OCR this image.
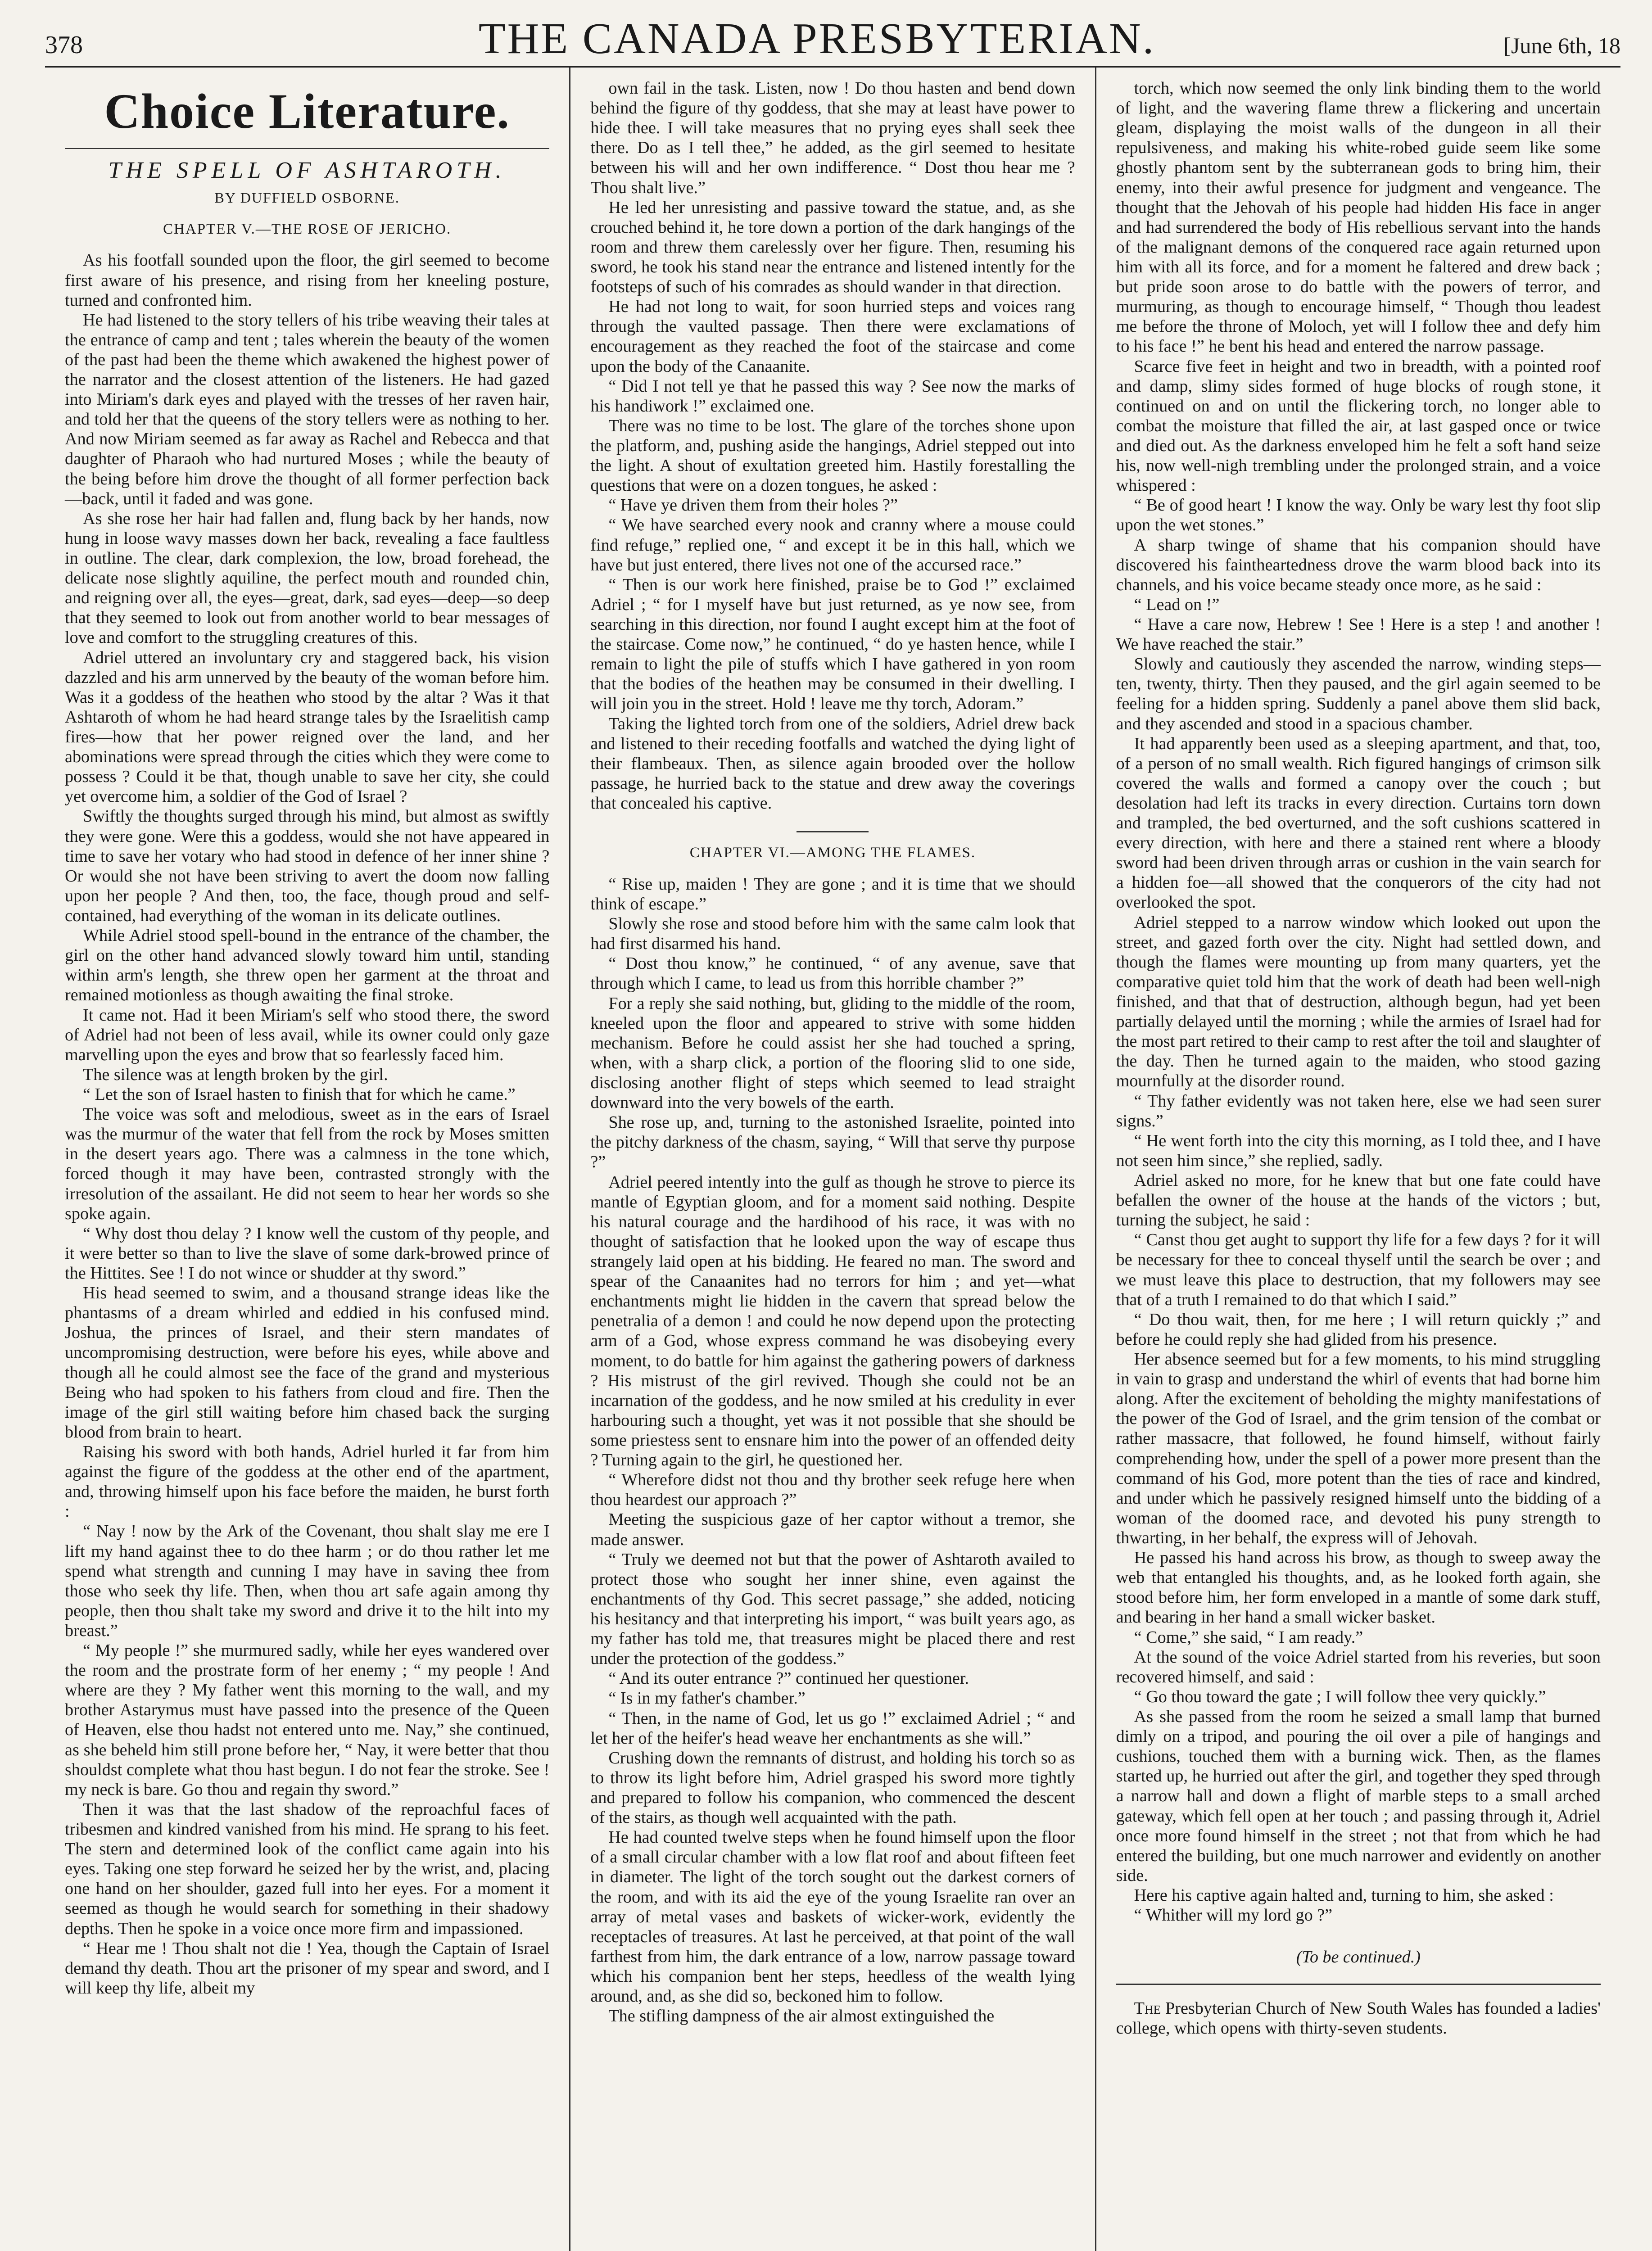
378	THE CANADA PRESBYTERIAN.	[June 6th, 18
Choice Literature.
THE SPELL OF ASHTAROTH.
BY DUFFIELD OSBORNE.
CHAPTER V.—THE ROSE OF JERICHO.

As his footfall sounded upon the floor, the girl seemed to become first aware of his presence, and rising from her kneeling posture, turned and confronted him.

He had listened to the story tellers of his tribe weaving their tales at the entrance of camp and tent ; tales wherein the beauty of the women of the past had been the theme which awakened the highest power of the narrator and the closest attention of the listeners. He had gazed into Miriam's dark eyes and played with the tresses of her raven hair, and told her that the queens of the story tellers were as nothing to her. And now Miriam seemed as far away as Rachel and Rebecca and that daughter of Pharaoh who had nurtured Moses ; while the beauty of the being before him drove the thought of all former perfection back—back, until it faded and was gone.

As she rose her hair had fallen and, flung back by her hands, now hung in loose wavy masses down her back, revealing a face faultless in outline. The clear, dark complexion, the low, broad forehead, the delicate nose slightly aquiline, the perfect mouth and rounded chin, and reigning over all, the eyes—great, dark, sad eyes—deep—so deep that they seemed to look out from another world to bear messages of love and comfort to the struggling creatures of this.

Adriel uttered an involuntary cry and staggered back, his vision dazzled and his arm unnerved by the beauty of the woman before him. Was it a goddess of the heathen who stood by the altar ? Was it that Ashtaroth of whom he had heard strange tales by the Israelitish camp fires—how that her power reigned over the land, and her abominations were spread through the cities which they were come to possess ? Could it be that, though unable to save her city, she could yet overcome him, a soldier of the God of Israel ?

Swiftly the thoughts surged through his mind, but almost as swiftly they were gone. Were this a goddess, would she not have appeared in time to save her votary who had stood in defence of her inner shine ? Or would she not have been striving to avert the doom now falling upon her people ? And then, too, the face, though proud and self-contained, had everything of the woman in its delicate outlines.

While Adriel stood spell-bound in the entrance of the chamber, the girl on the other hand advanced slowly toward him until, standing within arm's length, she threw open her garment at the throat and remained motionless as though awaiting the final stroke.

It came not. Had it been Miriam's self who stood there, the sword of Adriel had not been of less avail, while its owner could only gaze marvelling upon the eyes and brow that so fearlessly faced him.

The silence was at length broken by the girl.

“ Let the son of Israel hasten to finish that for which he came.”

The voice was soft and melodious, sweet as in the ears of Israel was the murmur of the water that fell from the rock by Moses smitten in the desert years ago. There was a calmness in the tone which, forced though it may have been, contrasted strongly with the irresolution of the assailant. He did not seem to hear her words so she spoke again.

“ Why dost thou delay ? I know well the custom of thy people, and it were better so than to live the slave of some dark-browed prince of the Hittites. See ! I do not wince or shudder at thy sword.”

His head seemed to swim, and a thousand strange ideas like the phantasms of a dream whirled and eddied in his confused mind. Joshua, the princes of Israel, and their stern mandates of uncompromising destruction, were before his eyes, while above and though all he could almost see the face of the grand and mysterious Being who had spoken to his fathers from cloud and fire. Then the image of the girl still waiting before him chased back the surging blood from brain to heart.

Raising his sword with both hands, Adriel hurled it far from him against the figure of the goddess at the other end of the apartment, and, throwing himself upon his face before the maiden, he burst forth :

“ Nay ! now by the Ark of the Covenant, thou shalt slay me ere I lift my hand against thee to do thee harm ; or do thou rather let me spend what strength and cunning I may have in saving thee from those who seek thy life. Then, when thou art safe again among thy people, then thou shalt take my sword and drive it to the hilt into my breast.”

“ My people !” she murmured sadly, while her eyes wandered over the room and the prostrate form of her enemy ; “ my people ! And where are they ? My father went this morning to the wall, and my brother Astarymus must have passed into the presence of the Queen of Heaven, else thou hadst not entered unto me. Nay,” she continued, as she beheld him still prone before her, “ Nay, it were better that thou shouldst complete what thou hast begun. I do not fear the stroke. See ! my neck is bare. Go thou and regain thy sword.”

Then it was that the last shadow of the reproachful faces of tribesmen and kindred vanished from his mind. He sprang to his feet. The stern and determined look of the conflict came again into his eyes. Taking one step forward he seized her by the wrist, and, placing one hand on her shoulder, gazed full into her eyes. For a moment it seemed as though he would search for something in their shadowy depths. Then he spoke in a voice once more firm and impassioned.

“ Hear me ! Thou shalt not die ! Yea, though the Captain of Israel demand thy death. Thou art the prisoner of my spear and sword, and I will keep thy life, albeit my

own fail in the task. Listen, now ! Do thou hasten and bend down behind the figure of thy goddess, that she may at least have power to hide thee. I will take measures that no prying eyes shall seek thee there. Do as I tell thee,” he added, as the girl seemed to hesitate between his will and her own indifference. “ Dost thou hear me ? Thou shalt live.”

He led her unresisting and passive toward the statue, and, as she crouched behind it, he tore down a portion of the dark hangings of the room and threw them carelessly over her figure. Then, resuming his sword, he took his stand near the entrance and listened intently for the footsteps of such of his comrades as should wander in that direction.

He had not long to wait, for soon hurried steps and voices rang through the vaulted passage. Then there were exclamations of encouragement as they reached the foot of the staircase and come upon the body of the Canaanite.

“ Did I not tell ye that he passed this way ? See now the marks of his handiwork !” exclaimed one.

There was no time to be lost. The glare of the torches shone upon the platform, and, pushing aside the hangings, Adriel stepped out into the light. A shout of exultation greeted him. Hastily forestalling the questions that were on a dozen tongues, he asked :

“ Have ye driven them from their holes ?”

“ We have searched every nook and cranny where a mouse could find refuge,” replied one, “ and except it be in this hall, which we have but just entered, there lives not one of the accursed race.”

“ Then is our work here finished, praise be to God !” exclaimed Adriel ; “ for I myself have but just returned, as ye now see, from searching in this direction, nor found I aught except him at the foot of the staircase. Come now,” he continued, “ do ye hasten hence, while I remain to light the pile of stuffs which I have gathered in yon room that the bodies of the heathen may be consumed in their dwelling. I will join you in the street. Hold ! leave me thy torch, Adoram.”

Taking the lighted torch from one of the soldiers, Adriel drew back and listened to their receding footfalls and watched the dying light of their flambeaux. Then, as silence again brooded over the hollow passage, he hurried back to the statue and drew away the coverings that concealed his captive.

CHAPTER VI.—AMONG THE FLAMES.

“ Rise up, maiden ! They are gone ; and it is time that we should think of escape.”

Slowly she rose and stood before him with the same calm look that had first disarmed his hand.

“ Dost thou know,” he continued, “ of any avenue, save that through which I came, to lead us from this horrible chamber ?”

For a reply she said nothing, but, gliding to the middle of the room, kneeled upon the floor and appeared to strive with some hidden mechanism. Before he could assist her she had touched a spring, when, with a sharp click, a portion of the flooring slid to one side, disclosing another flight of steps which seemed to lead straight downward into the very bowels of the earth.

She rose up, and, turning to the astonished Israelite, pointed into the pitchy darkness of the chasm, saying, “ Will that serve thy purpose ?”

Adriel peered intently into the gulf as though he strove to pierce its mantle of Egyptian gloom, and for a moment said nothing. Despite his natural courage and the hardihood of his race, it was with no thought of satisfaction that he looked upon the way of escape thus strangely laid open at his bidding. He feared no man. The sword and spear of the Canaanites had no terrors for him ; and yet—what enchantments might lie hidden in the cavern that spread below the penetralia of a demon ! and could he now depend upon the protecting arm of a God, whose express command he was disobeying every moment, to do battle for him against the gathering powers of darkness ? His mistrust of the girl revived. Though she could not be an incarnation of the goddess, and he now smiled at his credulity in ever harbouring such a thought, yet was it not possible that she should be some priestess sent to ensnare him into the power of an offended deity ? Turning again to the girl, he questioned her.

“ Wherefore didst not thou and thy brother seek refuge here when thou heardest our approach ?”

Meeting the suspicious gaze of her captor without a tremor, she made answer.

“ Truly we deemed not but that the power of Ashtaroth availed to protect those who sought her inner shine, even against the enchantments of thy God. This secret passage,” she added, noticing his hesitancy and that interpreting his import, “ was built years ago, as my father has told me, that treasures might be placed there and rest under the protection of the goddess.”

“ And its outer entrance ?” continued her questioner.

“ Is in my father's chamber.”

“ Then, in the name of God, let us go !” exclaimed Adriel ; “ and let her of the heifer's head weave her enchantments as she will.”

Crushing down the remnants of distrust, and holding his torch so as to throw its light before him, Adriel grasped his sword more tightly and prepared to follow his companion, who commenced the descent of the stairs, as though well acquainted with the path.

He had counted twelve steps when he found himself upon the floor of a small circular chamber with a low flat roof and about fifteen feet in diameter. The light of the torch sought out the darkest corners of the room, and with its aid the eye of the young Israelite ran over an array of metal vases and baskets of wicker-work, evidently the receptacles of treasures. At last he perceived, at that point of the wall farthest from him, the dark entrance of a low, narrow passage toward which his companion bent her steps, heedless of the wealth lying around, and, as she did so, beckoned him to follow.

The stifling dampness of the air almost extinguished the

torch, which now seemed the only link binding them to the world of light, and the wavering flame threw a flickering and uncertain gleam, displaying the moist walls of the dungeon in all their repulsiveness, and making his white-robed guide seem like some ghostly phantom sent by the subterranean gods to bring him, their enemy, into their awful presence for judgment and vengeance. The thought that the Jehovah of his people had hidden His face in anger and had surrendered the body of His rebellious servant into the hands of the malignant demons of the conquered race again returned upon him with all its force, and for a moment he faltered and drew back ; but pride soon arose to do battle with the powers of terror, and murmuring, as though to encourage himself, “ Though thou leadest me before the throne of Moloch, yet will I follow thee and defy him to his face !” he bent his head and entered the narrow passage.

Scarce five feet in height and two in breadth, with a pointed roof and damp, slimy sides formed of huge blocks of rough stone, it continued on and on until the flickering torch, no longer able to combat the moisture that filled the air, at last gasped once or twice and died out. As the darkness enveloped him he felt a soft hand seize his, now well-nigh trembling under the prolonged strain, and a voice whispered :

“ Be of good heart ! I know the way. Only be wary lest thy foot slip upon the wet stones.”

A sharp twinge of shame that his companion should have discovered his faintheartedness drove the warm blood back into its channels, and his voice became steady once more, as he said :

“ Lead on !”

“ Have a care now, Hebrew ! See ! Here is a step ! and another ! We have reached the stair.”

Slowly and cautiously they ascended the narrow, winding steps—ten, twenty, thirty. Then they paused, and the girl again seemed to be feeling for a hidden spring. Suddenly a panel above them slid back, and they ascended and stood in a spacious chamber.

It had apparently been used as a sleeping apartment, and that, too, of a person of no small wealth. Rich figured hangings of crimson silk covered the walls and formed a canopy over the couch ; but desolation had left its tracks in every direction. Curtains torn down and trampled, the bed overturned, and the soft cushions scattered in every direction, with here and there a stained rent where a bloody sword had been driven through arras or cushion in the vain search for a hidden foe—all showed that the conquerors of the city had not overlooked the spot.

Adriel stepped to a narrow window which looked out upon the street, and gazed forth over the city. Night had settled down, and though the flames were mounting up from many quarters, yet the comparative quiet told him that the work of death had been well-nigh finished, and that that of destruction, although begun, had yet been partially delayed until the morning ; while the armies of Israel had for the most part retired to their camp to rest after the toil and slaughter of the day. Then he turned again to the maiden, who stood gazing mournfully at the disorder round.

“ Thy father evidently was not taken here, else we had seen surer signs.”

“ He went forth into the city this morning, as I told thee, and I have not seen him since,” she replied, sadly.

Adriel asked no more, for he knew that but one fate could have befallen the owner of the house at the hands of the victors ; but, turning the subject, he said :

“ Canst thou get aught to support thy life for a few days ? for it will be necessary for thee to conceal thyself until the search be over ; and we must leave this place to destruction, that my followers may see that of a truth I remained to do that which I said.”

“ Do thou wait, then, for me here ; I will return quickly ;” and before he could reply she had glided from his presence.

Her absence seemed but for a few moments, to his mind struggling in vain to grasp and understand the whirl of events that had borne him along. After the excitement of beholding the mighty manifestations of the power of the God of Israel, and the grim tension of the combat or rather massacre, that followed, he found himself, without fairly comprehending how, under the spell of a power more present than the command of his God, more potent than the ties of race and kindred, and under which he passively resigned himself unto the bidding of a woman of the doomed race, and devoted his puny strength to thwarting, in her behalf, the express will of Jehovah.

He passed his hand across his brow, as though to sweep away the web that entangled his thoughts, and, as he looked forth again, she stood before him, her form enveloped in a mantle of some dark stuff, and bearing in her hand a small wicker basket.

“ Come,” she said, “ I am ready.”

At the sound of the voice Adriel started from his reveries, but soon recovered himself, and said :

“ Go thou toward the gate ; I will follow thee very quickly.”

As she passed from the room he seized a small lamp that burned dimly on a tripod, and pouring the oil over a pile of hangings and cushions, touched them with a burning wick. Then, as the flames started up, he hurried out after the girl, and together they sped through a narrow hall and down a flight of marble steps to a small arched gateway, which fell open at her touch ; and passing through it, Adriel once more found himself in the street ; not that from which he had entered the building, but one much narrower and evidently on another side.

Here his captive again halted and, turning to him, she asked :

“ Whither will my lord go ?”

(To be continued.)

The Presbyterian Church of New South Wales has founded a ladies' college, which opens with thirty-seven students.
